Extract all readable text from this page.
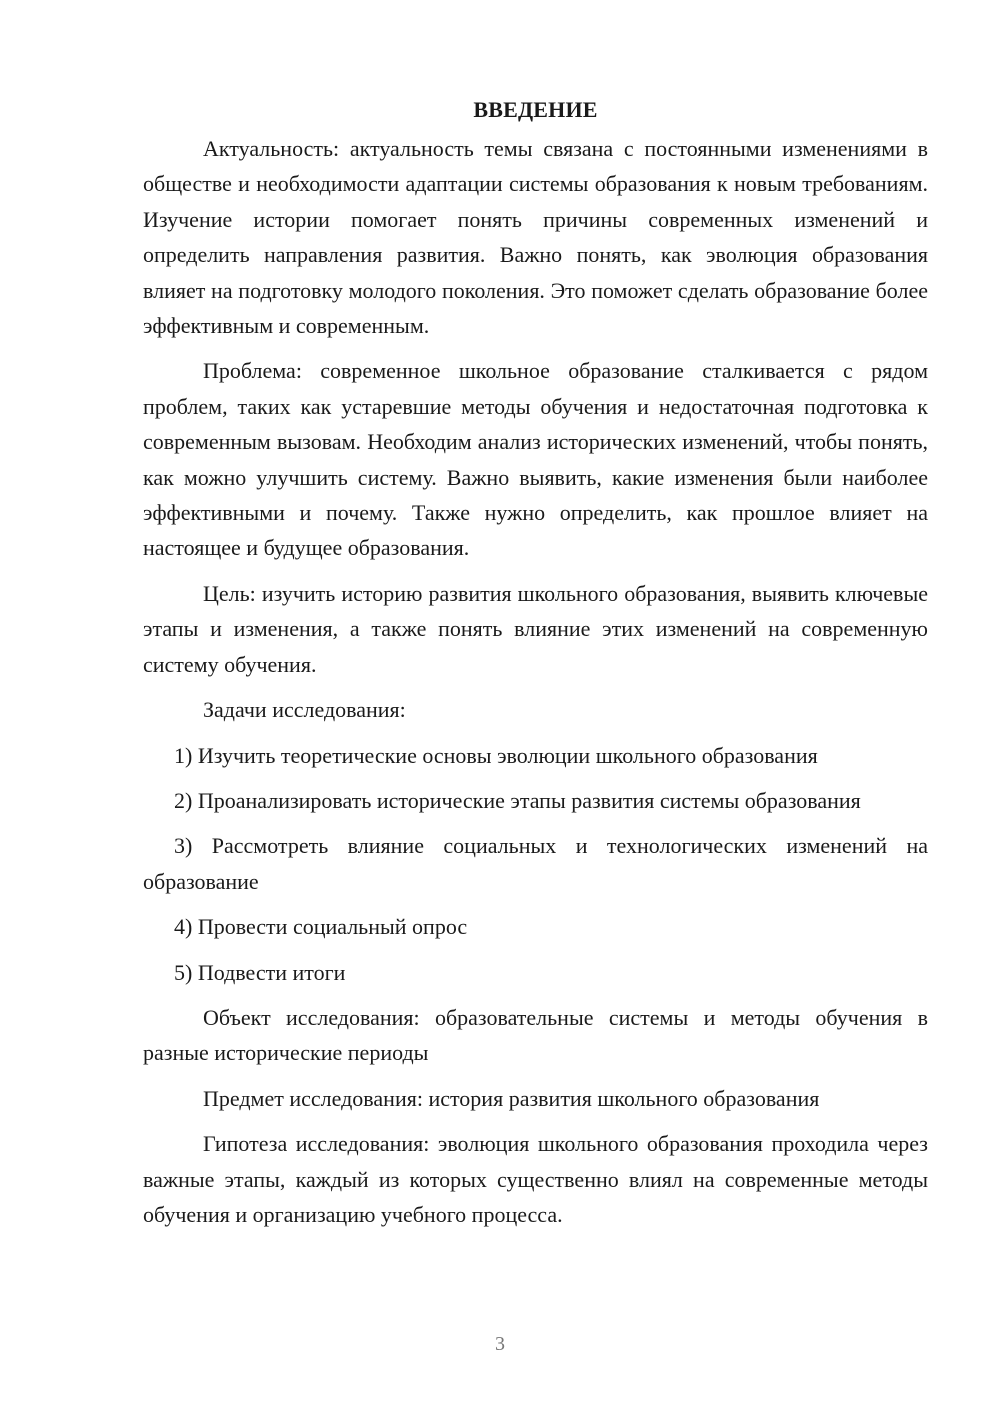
ВВЕДЕНИЕ

Актуальность: актуальность темы связана с постоянными изменениями в обществе и необходимости адаптации системы образования к новым требованиям. Изучение истории помогает понять причины современных изменений и определить направления развития. Важно понять, как эволюция образования влияет на подготовку молодого поколения. Это поможет сделать образование более эффективным и современным.

Проблема: современное школьное образование сталкивается с рядом проблем, таких как устаревшие методы обучения и недостаточная подготовка к современным вызовам. Необходим анализ исторических изменений, чтобы понять, как можно улучшить систему. Важно выявить, какие изменения были наиболее эффективными и почему. Также нужно определить, как прошлое влияет на настоящее и будущее образования.

Цель: изучить историю развития школьного образования, выявить ключевые этапы и изменения, а также понять влияние этих изменений на современную систему обучения.

Задачи исследования:

1) Изучить теоретические основы эволюции школьного образования

2) Проанализировать исторические этапы развития системы образования

3) Рассмотреть влияние социальных и технологических изменений на образование

4) Провести социальный опрос

5) Подвести итоги

Объект исследования: образовательные системы и методы обучения в разные исторические периоды

Предмет исследования: история развития школьного образования

Гипотеза исследования: эволюция школьного образования проходила через важные этапы, каждый из которых существенно влиял на современные методы обучения и организацию учебного процесса.

3
